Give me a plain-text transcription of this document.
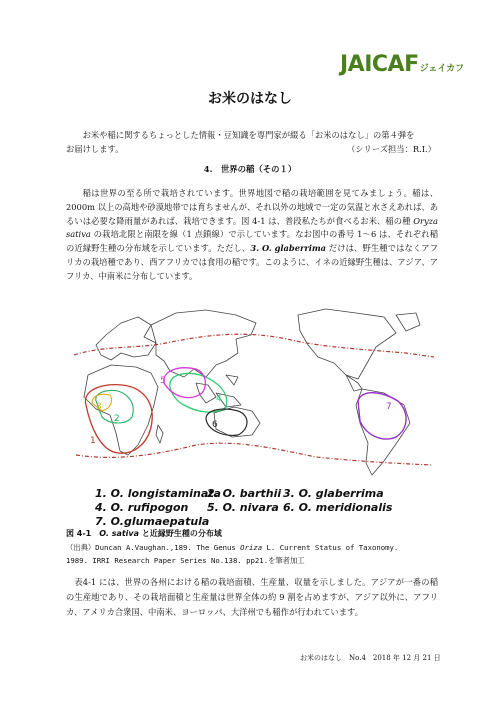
JAICAFジェイカフ
お米のはなし
お米や稲に関するちょっとした情報・豆知識を専門家が綴る「お米のはなし」の第４弾を
お届けします。	（シリーズ担当：R.I.）
4.　世界の稲（その１）

稲は世界の至る所で栽培されています。世界地図で稲の栽培範囲を見てみましょう。稲は、2000m 以上の高地や砂漠地帯では育ちませんが、それ以外の地域で一定の気温と水さえあれば、あるいは必要な降雨量があれば、栽培できます。図 4-1 は、普段私たちが食べるお米、稲の種 Oryza sativa の栽培北限と南限を線（1 点鎖線）で示しています。なお図中の番号 1〜6 は、それぞれ稲の近縁野生種の分布域を示しています。ただし、3. O. glaberrima だけは、野生種ではなくアフリカの栽培種であり、西アフリカでは食用の稲です。このように、イネの近縁野生種は、アジア、アフリカ、中南米に分布しています。

1
2
3
4
5
6
7
1. O. longistaminata2. O. barthii 3. O. glaberrima
4. O. rufipogon 5. O. nivara 6. O. meridionalis
7. O.glumaepatula
図 4-1　O. sativa と近縁野生種の分布域
（出典）Duncan A.Vaughan.,189. The Genus Oriza L. Current Status of Taxonomy.
1989. IRRI Research Paper Series No.138. pp21.を筆者加工

表4-1 には、世界の各州における稲の栽培面積、生産量、収量を示しました。アジアが一番の稲の生産地であり、その栽培面積と生産量は世界全体の約 9 割を占めますが、アジア以外に、アフリカ、アメリカ合衆国、中南米、ヨーロッパ、大洋州でも稲作が行われています。

お米のはなし　No.4　2018 年 12 月 21 日
